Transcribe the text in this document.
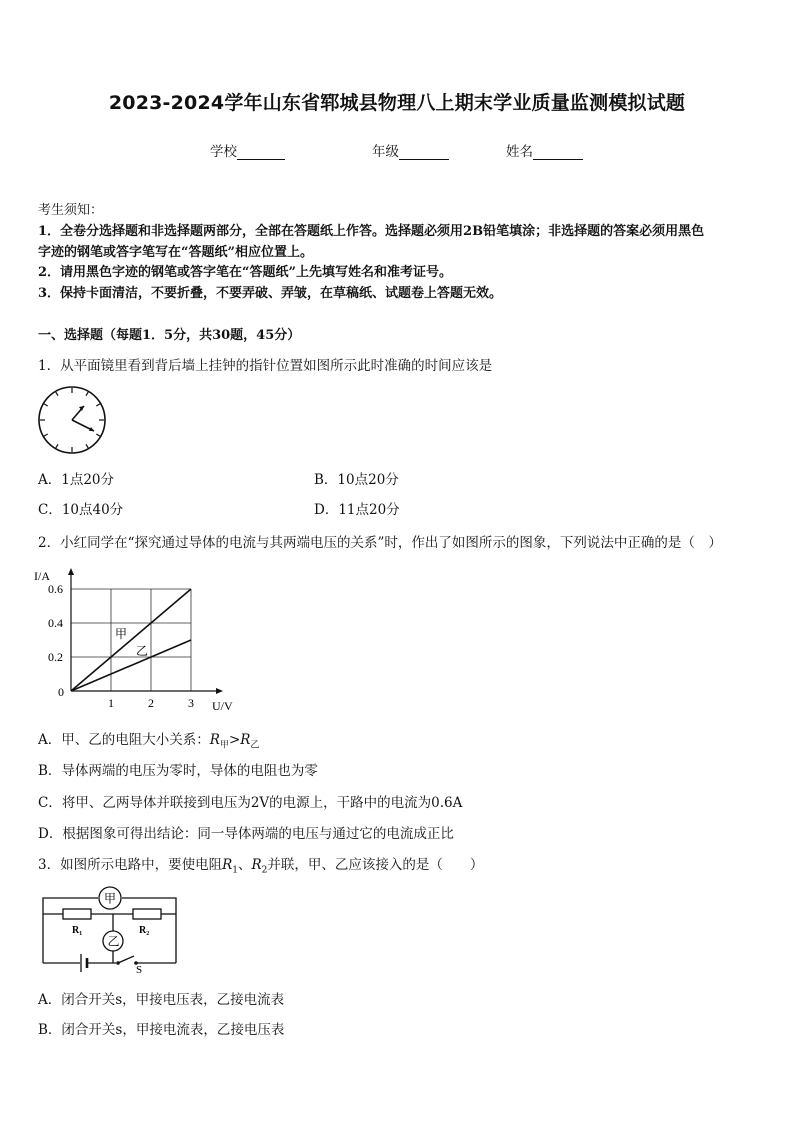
2023-2024学年山东省郓城县物理八上期末学业质量监测模拟试题
学校	年级	姓名
考生须知：
1．全卷分选择题和非选择题两部分，全部在答题纸上作答。选择题必须用2B铅笔填涂；非选择题的答案必须用黑色
字迹的钢笔或答字笔写在“答题纸”相应位置上。
2．请用黑色字迹的钢笔或答字笔在“答题纸”上先填写姓名和准考证号。
3．保持卡面清洁，不要折叠，不要弄破、弄皱，在草稿纸、试题卷上答题无效。
一、选择题（每题1．5分，共30题，45分）
1．从平面镜里看到背后墙上挂钟的指针位置如图所示此时准确的时间应该是
A．1点20分	B．10点20分
C．10点40分	D．11点20分
2．小红同学在“探究通过导体的电流与其两端电压的关系”时，作出了如图所示的图象，下列说法中正确的是（　）
0.2
0.4
0.6
1	2	3
I/A
U/V
0
甲
乙
A．甲、乙的电阻大小关系：$R_甲>R_乙$
B．导体两端的电压为零时，导体的电阻也为零
C．将甲、乙两导体并联接到电压为2V的电源上，干路中的电流为0.6A
D．根据图象可得出结论：同一导体两端的电压与通过它的电流成正比
3．如图所示电路中，要使电阻$R_1$、$R_2$并联，甲、乙应该接入的是（　　）
甲
乙
R₁	R₂
S
A．闭合开关s，甲接电压表，乙接电流表
B．闭合开关s，甲接电流表，乙接电压表
